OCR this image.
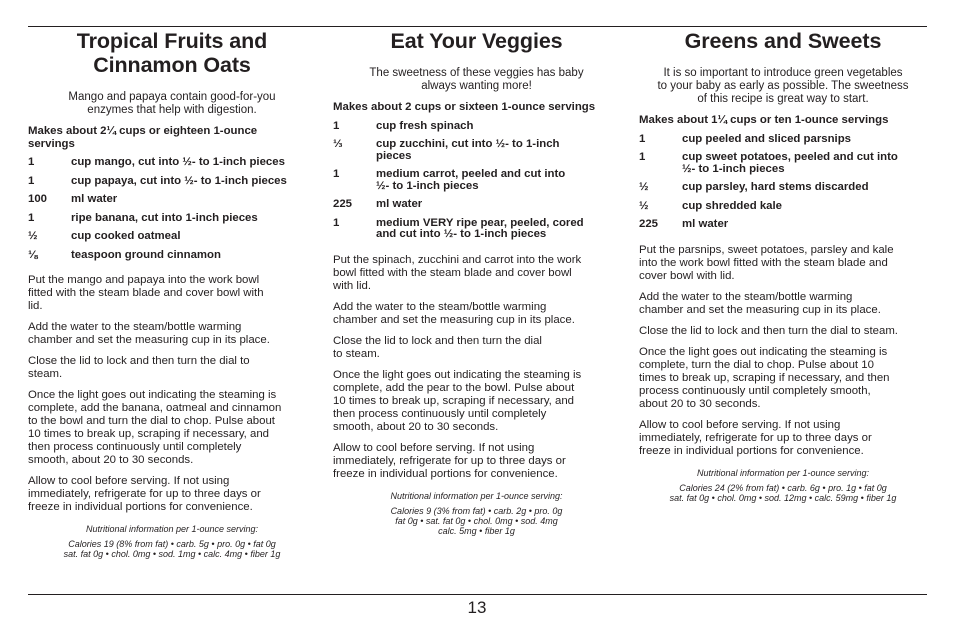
Tropical Fruits and
Cinnamon Oats
Mango and papaya contain good-for-you
enzymes that help with digestion.
Makes about 2¼ cups or eighteen 1-ounce
servings
1	cup mango, cut into ½- to 1-inch pieces
1	cup papaya, cut into ½- to 1-inch pieces
100	ml water
1	ripe banana, cut into 1-inch pieces
½	cup cooked oatmeal
⅛	teaspoon ground cinnamon
Put the mango and papaya into the work bowl
fitted with the steam blade and cover bowl with
lid.
Add the water to the steam/bottle warming
chamber and set the measuring cup in its place.
Close the lid to lock and then turn the dial to
steam.
Once the light goes out indicating the steaming is
complete, add the banana, oatmeal and cinnamon
to the bowl and turn the dial to chop. Pulse about
10 times to break up, scraping if necessary, and
then process continuously until completely
smooth, about 20 to 30 seconds.
Allow to cool before serving. If not using
immediately, refrigerate for up to three days or
freeze in individual portions for convenience.
Nutritional information per 1-ounce serving:
Calories 19 (8% from fat) • carb. 5g • pro. 0g • fat 0g
sat. fat 0g • chol. 0mg • sod. 1mg • calc. 4mg • fiber 1g
Eat Your Veggies
The sweetness of these veggies has baby
always wanting more!
Makes about 2 cups or sixteen 1-ounce servings
1	cup fresh spinach
⅓	cup zucchini, cut into ½- to 1-inch
pieces
1	medium carrot, peeled and cut into
½- to 1-inch pieces
225	ml water
1	medium VERY ripe pear, peeled, cored
and cut into ½- to 1-inch pieces
Put the spinach, zucchini and carrot into the work
bowl fitted with the steam blade and cover bowl
with lid.
Add the water to the steam/bottle warming
chamber and set the measuring cup in its place.
Close the lid to lock and then turn the dial
to steam.
Once the light goes out indicating the steaming is
complete, add the pear to the bowl. Pulse about
10 times to break up, scraping if necessary, and
then process continuously until completely
smooth, about 20 to 30 seconds.
Allow to cool before serving. If not using
immediately, refrigerate for up to three days or
freeze in individual portions for convenience.
Nutritional information per 1-ounce serving:
Calories 9 (3% from fat) • carb. 2g • pro. 0g
fat 0g • sat. fat 0g • chol. 0mg • sod. 4mg
calc. 5mg • fiber 1g
Greens and Sweets
It is so important to introduce green vegetables
to your baby as early as possible. The sweetness
of this recipe is great way to start.
Makes about 1¼ cups or ten 1-ounce servings
1	cup peeled and sliced parsnips
1	cup sweet potatoes, peeled and cut into
½- to 1-inch pieces
½	cup parsley, hard stems discarded
½	cup shredded kale
225	ml water
Put the parsnips, sweet potatoes, parsley and kale
into the work bowl fitted with the steam blade and
cover bowl with lid.
Add the water to the steam/bottle warming
chamber and set the measuring cup in its place.
Close the lid to lock and then turn the dial to steam.
Once the light goes out indicating the steaming is
complete, turn the dial to chop. Pulse about 10
times to break up, scraping if necessary, and then
process continuously until completely smooth,
about 20 to 30 seconds.
Allow to cool before serving. If not using
immediately, refrigerate for up to three days or
freeze in individual portions for convenience.
Nutritional information per 1-ounce serving:
Calories 24 (2% from fat) • carb. 6g • pro. 1g • fat 0g
sat. fat 0g • chol. 0mg • sod. 12mg • calc. 59mg • fiber 1g
13
